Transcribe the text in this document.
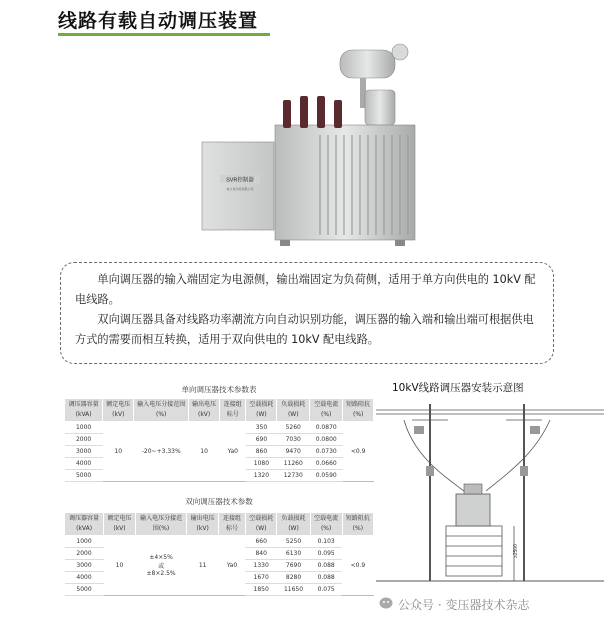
线路有载自动调压装置
SVR控制器
电力自动化有限公司

单向调压器的输入端固定为电源侧，输出端固定为负荷侧，适用于单方向供电的 10kV 配电线路。

双向调压器具备对线路功率潮流方向自动识别功能，调压器的输入端和输出端可根据供电方式的需要而相互转换，适用于双向供电的 10kV 配电线路。

单向调压器技术参数表
调压器容量(kVA)	额定电压(kV)	输入电压分接范围(%)	输出电压(kV)	连接组标号	空载损耗(W)	负载损耗(W)	空载电流(%)	短路阻抗(%)
1000	10	-20~+3.33%	10	Ya0	350	5260	0.0870	<0.9
2000					690	7030	0.0800	
3000					860	9470	0.0730	
4000					1080	11260	0.0660	
5000					1320	12730	0.0590	
双向调压器技术参数
调压器容量(kVA)	额定电压(kV)	输入电压分接范围(%)	输出电压(kV)	连接组标号	空载损耗(W)	负载损耗(W)	空载电流(%)	短路阻抗(%)
1000	10	±4×5%
或
±8×2.5%	11	Ya0	660	5250	0.103	<0.9
2000					840	6130	0.095	
3000					1330	7690	0.088	
4000					1670	8280	0.088	
5000					1850	11650	0.075	
10kV线路调压器安装示意图
≥2500
公众号 · 变压器技术杂志
